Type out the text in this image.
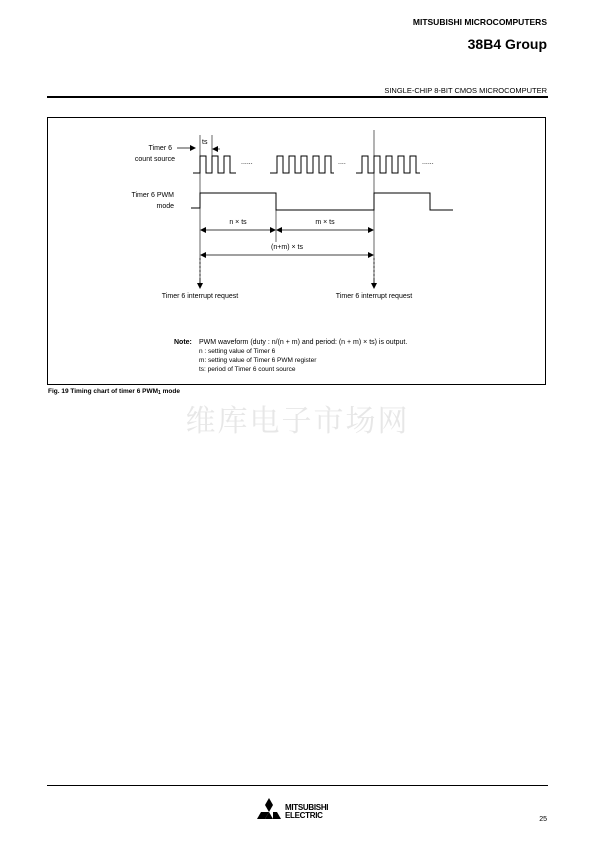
MITSUBISHI MICROCOMPUTERS
38B4 Group
SINGLE-CHIP 8-BIT CMOS MICROCOMPUTER
Timer 6
count source
ts
......	....	......
Timer 6 PWM
mode
n × ts	m × ts
(n+m) × ts
Timer 6 interrupt request	Timer 6 interrupt request
Note: PWM waveform (duty : n/(n + m) and period: (n + m) × ts) is output.
n : setting value of Timer 6
m: setting value of Timer 6 PWM register
ts: period of Timer 6 count source
Fig. 19 Timing chart of timer 6 $PWM_1$ mode
维库电子市场网
MITSUBISHI
ELECTRIC	25
